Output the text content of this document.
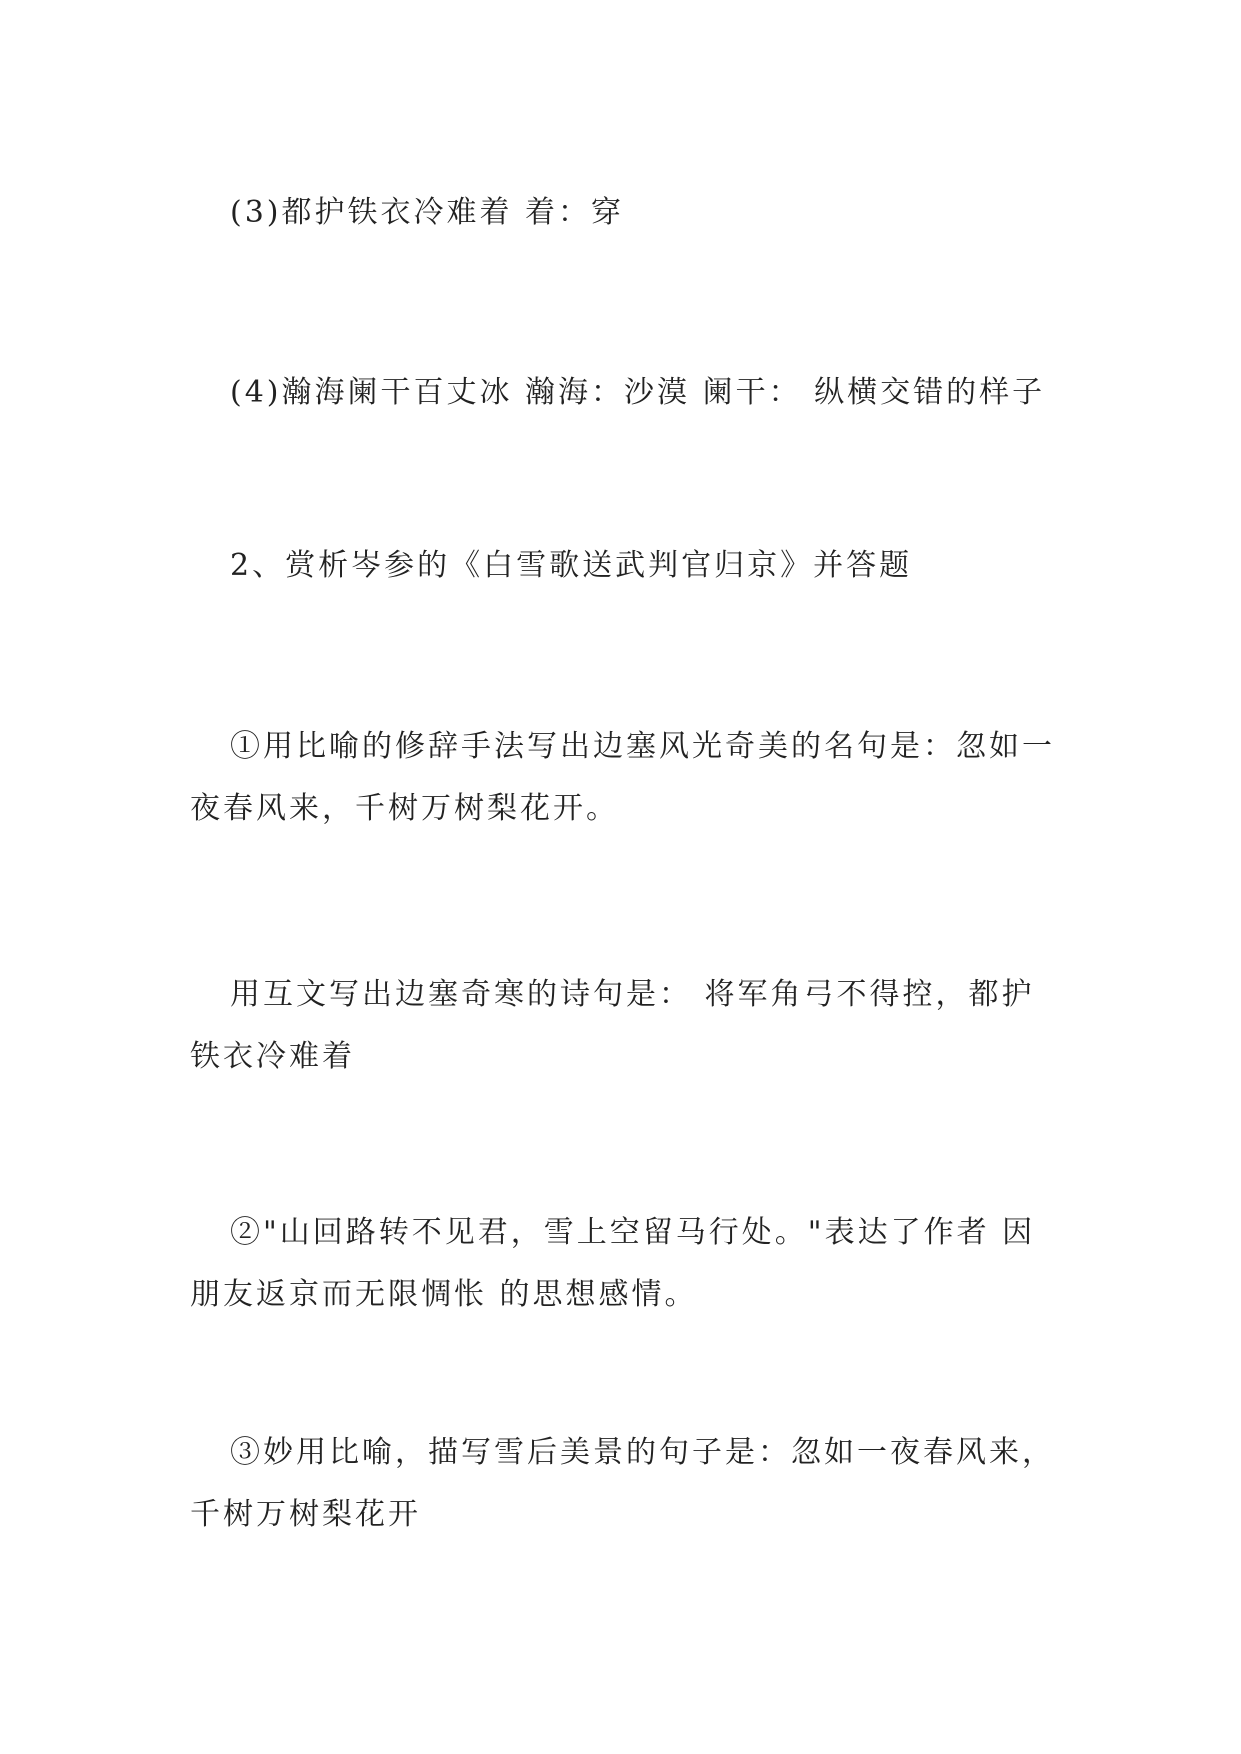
(3)都护铁衣冷难着 着：穿

(4)瀚海阑干百丈冰 瀚海：沙漠 阑干： 纵横交错的样子

2、赏析岑参的《白雪歌送武判官归京》并答题

①用比喻的修辞手法写出边塞风光奇美的名句是：忽如一夜春风来，千树万树梨花开。

用互文写出边塞奇寒的诗句是： 将军角弓不得控，都护铁衣冷难着

②"山回路转不见君，雪上空留马行处。"表达了作者 因朋友返京而无限惆怅 的思想感情。

③妙用比喻，描写雪后美景的句子是：忽如一夜春风来，千树万树梨花开
